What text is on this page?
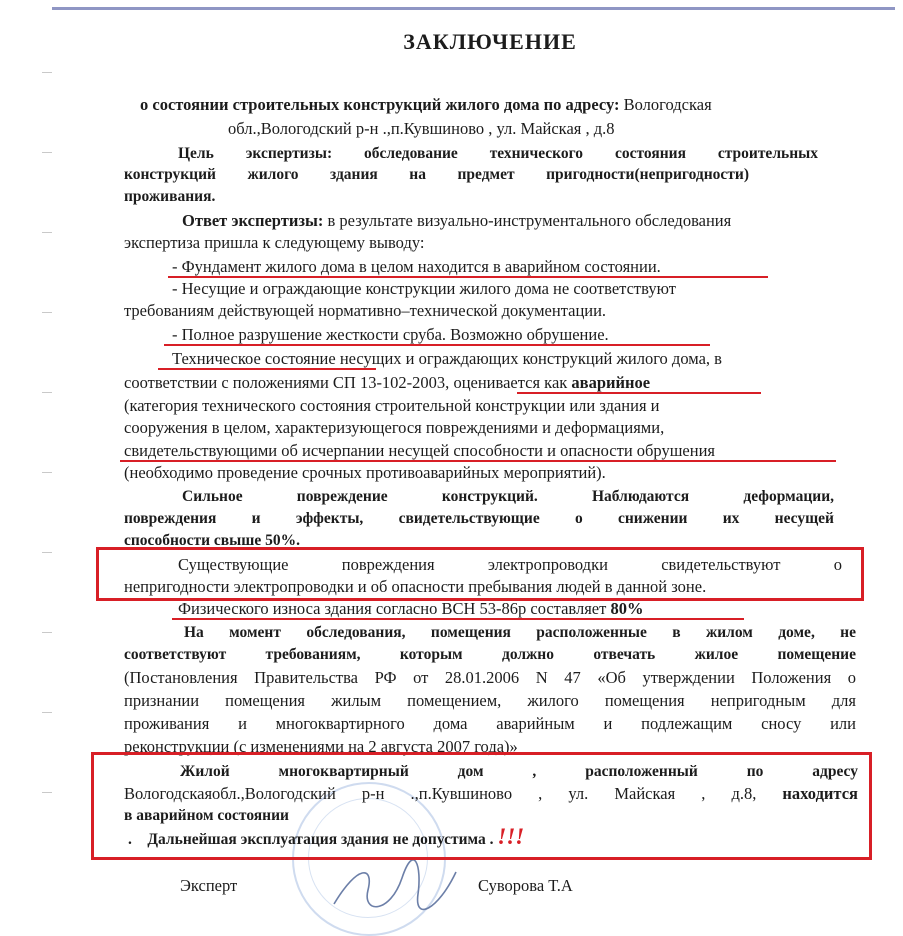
ЗАКЛЮЧЕНИЕ
о состоянии строительных конструкций жилого дома по адресу: Вологодская
обл.,Вологодский р-н .,п.Кувшиново , ул. Майская , д.8
Цель экспертизы: обследование технического состояния строительных
конструкций жилого здания на предмет пригодности(непригодности)
проживания.
Ответ экспертизы: в результате визуально-инструментального обследования
экспертиза пришла к следующему выводу:
- Фундамент жилого дома в целом находится в аварийном состоянии.
- Несущие и ограждающие конструкции жилого дома не соответствуют
требованиям действующей нормативно–технической документации.
- Полное разрушение жесткости сруба. Возможно обрушение.
Техническое состояние несущих и ограждающих конструкций жилого дома, в
соответствии с положениями СП 13-102-2003, оценивается как аварийное
(категория технического состояния строительной конструкции или здания и
сооружения в целом, характеризующегося повреждениями и деформациями,
свидетельствующими об исчерпании несущей способности и опасности обрушения
(необходимо проведение срочных противоаварийных мероприятий).
Сильное повреждение конструкций. Наблюдаются деформации,
повреждения и эффекты, свидетельствующие о снижении их несущей
способности свыше 50%.
Существующие повреждения электропроводки свидетельствуют о
непригодности электропроводки и об опасности пребывания людей в данной зоне.
Физического износа здания согласно ВСН 53-86р составляет 80%
На момент обследования, помещения расположенные в жилом доме, не
соответствуют требованиям, которым должно отвечать жилое помещение
(Постановления Правительства РФ от 28.01.2006 N 47 «Об утверждении Положения о
признании помещения жилым помещением, жилого помещения непригодным для
проживания и многоквартирного дома аварийным и подлежащим сносу или
реконструкции (с изменениями на 2 августа 2007 года)»
Жилой многоквартирный дом , расположенный по адресу
Вологодскаяобл.,Вологодский р-н .,п.Кувшиново , ул. Майская , д.8, находится
в аварийном состоянии
.    Дальнейшая эксплуатация здания не допустима . !!!
Эксперт	Суворова Т.А
